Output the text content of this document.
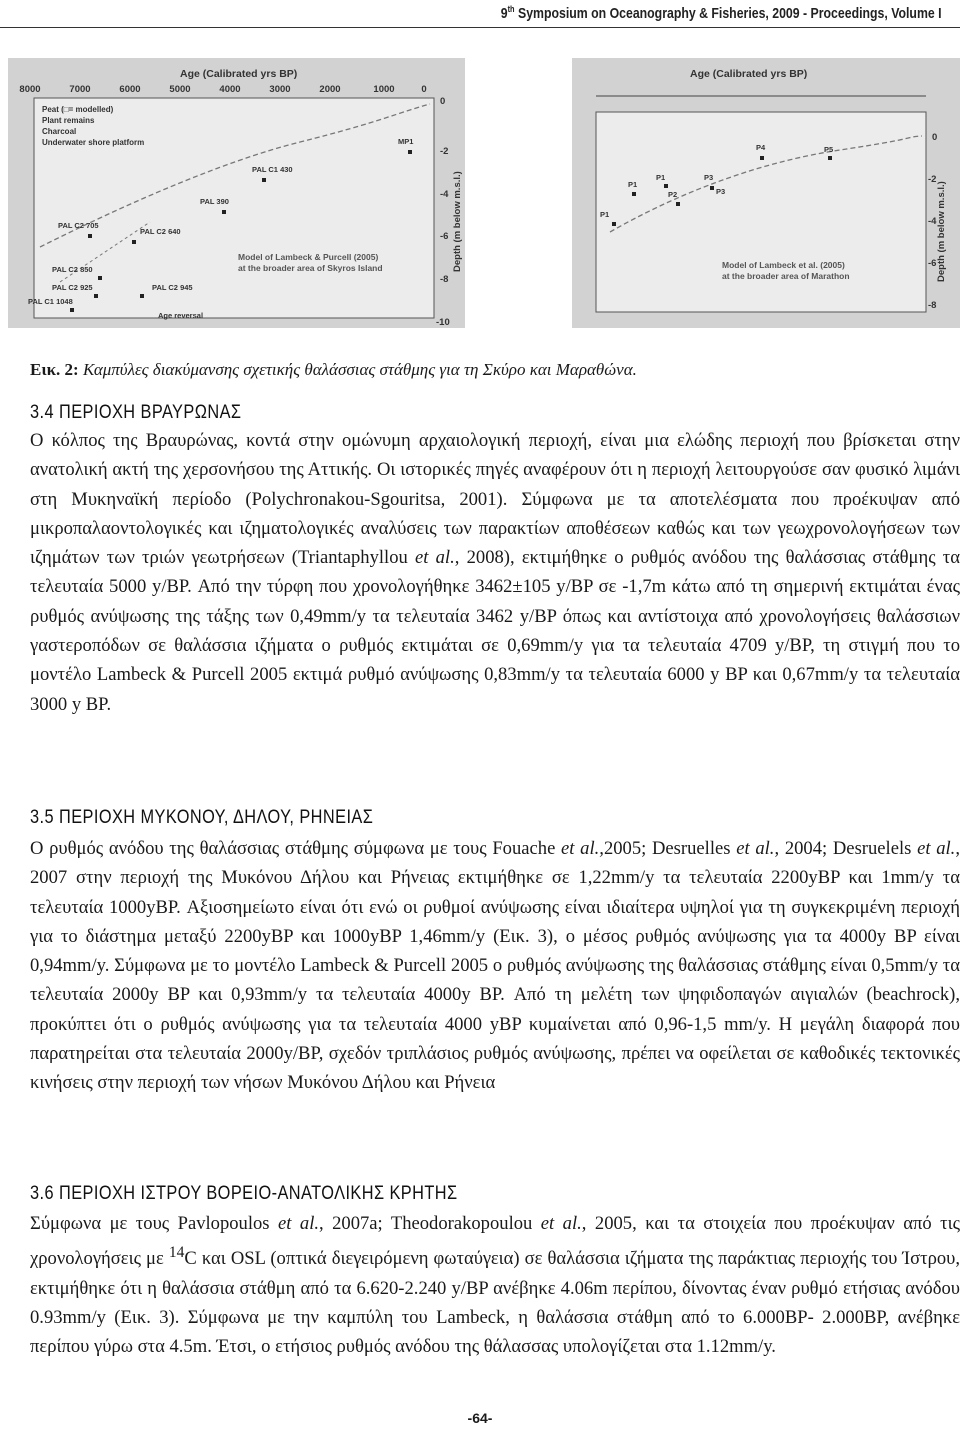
9th Symposium on Oceanography & Fisheries, 2009 - Proceedings, Volume I
Age (Calibrated yrs BP)
8000	7000	6000	5000	4000	3000	2000	1000	0
0
-2
-4
-6
-8
-10
Depth (m below m.s.l.)
Peat (□= modelled)
Plant remains
Charcoal
Underwater shore platform	MP1
PAL C1 430
PAL 390
PAL C2 705
PAL C2 640
PAL C2 850
PAL C2 925	PAL C2 945
PAL C1 1048
Age reversal
Model of Lambeck & Purcell (2005)
at the broader area of Skyros Island
Age (Calibrated yrs BP)
0
-2
-4
-6
-8
Depth (m below m.s.l.)
P1
P1
P1
P2
P3
P3
P4	P5
Model of Lambeck et al. (2005)
at the broader area of Marathon
Εικ. 2: Καμπύλες διακύμανσης σχετικής θαλάσσιας στάθμης για τη Σκύρο και Μαραθώνα.
3.4 ΠΕΡΙΟΧΗ ΒΡΑΥΡΩΝΑΣ

Ο κόλπος της Βραυρώνας, κοντά στην ομώνυμη αρχαιολογική περιοχή, είναι μια ελώδης περιοχή που βρίσκεται στην ανατολική ακτή της χερσονήσου της Αττικής. Οι ιστορικές πηγές αναφέρουν ότι η περιοχή λειτουργούσε σαν φυσικό λιμάνι στη Μυκηναϊκή περίοδο (Polychronakou-Sgouritsa, 2001). Σύμφωνα με τα αποτελέσματα που προέκυψαν από μικροπαλαοντολογικές και ιζηματολογικές αναλύσεις των παρακτίων αποθέσεων καθώς και των γεωχρονολογήσεων των ιζημάτων των τριών γεωτρήσεων (Triantaphyllou et al., 2008), εκτιμήθηκε ο ρυθμός ανόδου της θαλάσσιας στάθμης τα τελευταία 5000 y/BP. Από την τύρφη που χρονολογήθηκε 3462±105 y/BP σε -1,7m κάτω από τη σημερινή εκτιμάται ένας ρυθμός ανύψωσης της τάξης των 0,49mm/y τα τελευταία 3462 y/BP όπως και αντίστοιχα από χρονολογήσεις θαλάσσιων γαστεροπόδων σε θαλάσσια ιζήματα ο ρυθμός εκτιμάται σε 0,69mm/y για τα τελευταία 4709 y/BP, τη στιγμή που το μοντέλο Lambeck & Purcell 2005 εκτιμά ρυθμό ανύψωσης 0,83mm/y τα τελευταία 6000 y BP και 0,67mm/y τα τελευταία 3000 y BP.

3.5 ΠΕΡΙΟΧΗ ΜΥΚΟΝΟΥ, ΔΗΛΟΥ, ΡΗΝΕΙΑΣ

Ο ρυθμός ανόδου της θαλάσσιας στάθμης σύμφωνα με τους Fouache et al.,2005; Desruelles et al., 2004; Desruelels et al., 2007 στην περιοχή της Μυκόνου Δήλου και Ρήνειας εκτιμήθηκε σε 1,22mm/y τα τελευταία 2200yBP και 1mm/y τα τελευταία 1000yBP. Αξιοσημείωτο είναι ότι ενώ οι ρυθμοί ανύψωσης είναι ιδιαίτερα υψηλοί για τη συγκεκριμένη περιοχή για το διάστημα μεταξύ 2200yBP και 1000yBP 1,46mm/y (Εικ. 3), ο μέσος ρυθμός ανύψωσης για τα 4000y BP είναι 0,94mm/y. Σύμφωνα με το μοντέλο Lambeck & Purcell 2005 ο ρυθμός ανύψωσης της θαλάσσιας στάθμης είναι 0,5mm/y τα τελευταία 2000y BP και 0,93mm/y τα τελευταία 4000y BP. Από τη μελέτη των ψηφιδοπαγών αιγιαλών (beachrock), προκύπτει ότι ο ρυθμός ανύψωσης για τα τελευταία 4000 yBP κυμαίνεται από 0,96-1,5 mm/y. Η μεγάλη διαφορά που παρατηρείται στα τελευταία 2000y/BP, σχεδόν τριπλάσιος ρυθμός ανύψωσης, πρέπει να οφείλεται σε καθοδικές τεκτονικές κινήσεις στην περιοχή των νήσων Μυκόνου Δήλου και Ρήνεια

3.6 ΠΕΡΙΟΧΗ ΙΣΤΡΟΥ ΒΟΡΕΙΟ-ΑΝΑΤΟΛΙΚΗΣ ΚΡΗΤΗΣ

Σύμφωνα με τους Pavlopoulos et al., 2007a; Theodorakopoulou et al., 2005, και τα στοιχεία που προέκυψαν από τις χρονολογήσεις με $^{14}$C και OSL (οπτικά διεγειρόμενη φωταύγεια) σε θαλάσσια ιζήματα της παράκτιας περιοχής του Ίστρου, εκτιμήθηκε ότι η θαλάσσια στάθμη από τα 6.620-2.240 y/BP ανέβηκε 4.06m περίπου, δίνοντας έναν ρυθμό ετήσιας ανόδου 0.93mm/y (Εικ. 3). Σύμφωνα με την καμπύλη του Lambeck, η θαλάσσια στάθμη από το 6.000BP- 2.000BP, ανέβηκε περίπου γύρω στα 4.5m. Έτσι, ο ετήσιος ρυθμός ανόδου της θάλασσας υπολογίζεται στα 1.12mm/y.

-64-
